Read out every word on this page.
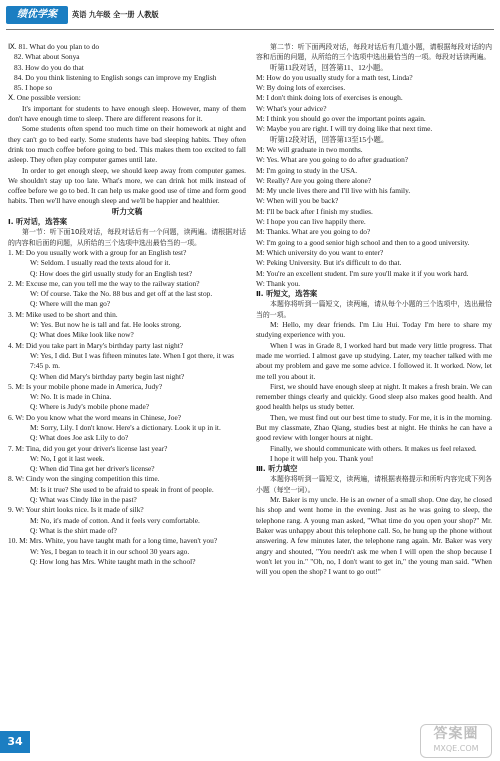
绩优学案	英语 九年级 全一册 人教版

Ⅸ. 81. What do you plan to do

82. What about Sonya

83. How do you do that

84. Do you think listening to English songs can improve my English

85. I hope so

Ⅹ. One possible version:

It's important for students to have enough sleep. However, many of them don't have enough time to sleep. There are different reasons for it.

Some students often spend too much time on their homework at night and they can't go to bed early. Some students have bad sleeping habits. They often drink too much coffee before going to bed. This makes them too excited to fall asleep. They often play computer games until late.

In order to get enough sleep, we should keep away from computer games. We shouldn't stay up too late. What's more, we can drink hot milk instead of coffee before we go to bed. It can help us make good use of time and form good habits. Then we'll have enough sleep and we'll be happier and healthier.

听力文稿

Ⅰ. 听对话，选答案

第一节：听下面10段对话，每段对话后有一个问题，读两遍。请根据对话的内容和后面的问题，从所给的三个选项中选出最恰当的一项。

1. M: Do you usually work with a group for an English test?

W: Seldom. I usually read the texts aloud for it.

Q: How does the girl usually study for an English test?

2. M: Excuse me, can you tell me the way to the railway station?

W: Of course. Take the No. 88 bus and get off at the last stop.

Q: Where will the man go?

3. M: Mike used to be short and thin.

W: Yes. But now he is tall and fat. He looks strong.

Q: What does Mike look like now?

4. M: Did you take part in Mary's birthday party last night?

W: Yes, I did. But I was fifteen minutes late. When I got there, it was 7:45 p. m.

Q: When did Mary's birthday party begin last night?

5. M: Is your mobile phone made in America, Judy?

W: No. It is made in China.

Q: Where is Judy's mobile phone made?

6. W: Do you know what the word means in Chinese, Joe?

M: Sorry, Lily. I don't know. Here's a dictionary. Look it up in it.

Q: What does Joe ask Lily to do?

7. M: Tina, did you get your driver's license last year?

W: No, I got it last week.

Q: When did Tina get her driver's license?

8. W: Cindy won the singing competition this time.

M: Is it true? She used to be afraid to speak in front of people.

Q: What was Cindy like in the past?

9. W: Your shirt looks nice. Is it made of silk?

M: No, it's made of cotton. And it feels very comfortable.

Q: What is the shirt made of?

10. M: Mrs. White, you have taught math for a long time, haven't you?

W: Yes, I began to teach it in our school 30 years ago.

Q: How long has Mrs. White taught math in the school?

第二节：听下面两段对话，每段对话后有几道小题，请根据每段对话的内容和后面的问题，从所给的三个选项中选出最恰当的一项。每段对话读两遍。

听第11段对话，回答第11、12小题。

M: How do you usually study for a math test, Linda?

W: By doing lots of exercises.

M: I don't think doing lots of exercises is enough.

W: What's your advice?

M: I think you should go over the important points again.

W: Maybe you are right. I will try doing like that next time.

听第12段对话，回答第13至15小题。

M: We will graduate in two months.

W: Yes. What are you going to do after graduation?

M: I'm going to study in the USA.

W: Really? Are you going there alone?

M: My uncle lives there and I'll live with his family.

W: When will you be back?

M: I'll be back after I finish my studies.

W: I hope you can live happily there.

M: Thanks. What are you going to do?

W: I'm going to a good senior high school and then to a good university.

M: Which university do you want to enter?

W: Peking University. But it's difficult to do that.

M: You're an excellent student. I'm sure you'll make it if you work hard.

W: Thank you.

Ⅱ. 听短文，选答案

本题你将听到一篇短文，读两遍，请从每个小题的三个选项中，选出最恰当的一项。

M: Hello, my dear friends. I'm Liu Hui. Today I'm here to share my studying experience with you.

When I was in Grade 8, I worked hard but made very little progress. That made me worried. I almost gave up studying. Later, my teacher talked with me about my problem and gave me some advice. I followed it. It worked. Now, let me tell you about it.

First, we should have enough sleep at night. It makes a fresh brain. We can remember things clearly and quickly. Good sleep also makes good health. And good health helps us study better.

Then, we must find out our best time to study. For me, it is in the morning. But my classmate, Zhao Qiang, studies best at night. He thinks he can have a good review with longer hours at night.

Finally, we should communicate with others. It makes us feel relaxed.

I hope it will help you. Thank you!

Ⅲ. 听力填空

本题你将听到一篇短文，读两遍，请根据表格提示和所听内容完成下列各小题（每空一词）。

Mr. Baker is my uncle. He is an owner of a small shop. One day, he closed his shop and went home in the evening. Just as he was going to sleep, the telephone rang. A young man asked, "What time do you open your shop?" Mr. Baker was unhappy about this telephone call. So, he hung up the phone without answering. A few minutes later, the telephone rang again. Mr. Baker was very angry and shouted, "You needn't ask me when I will open the shop because I won't let you in." "Oh, no, I don't want to get in," the young man said. "When will you open the shop? I want to go out!"

34	答案圈
MXQE.COM
